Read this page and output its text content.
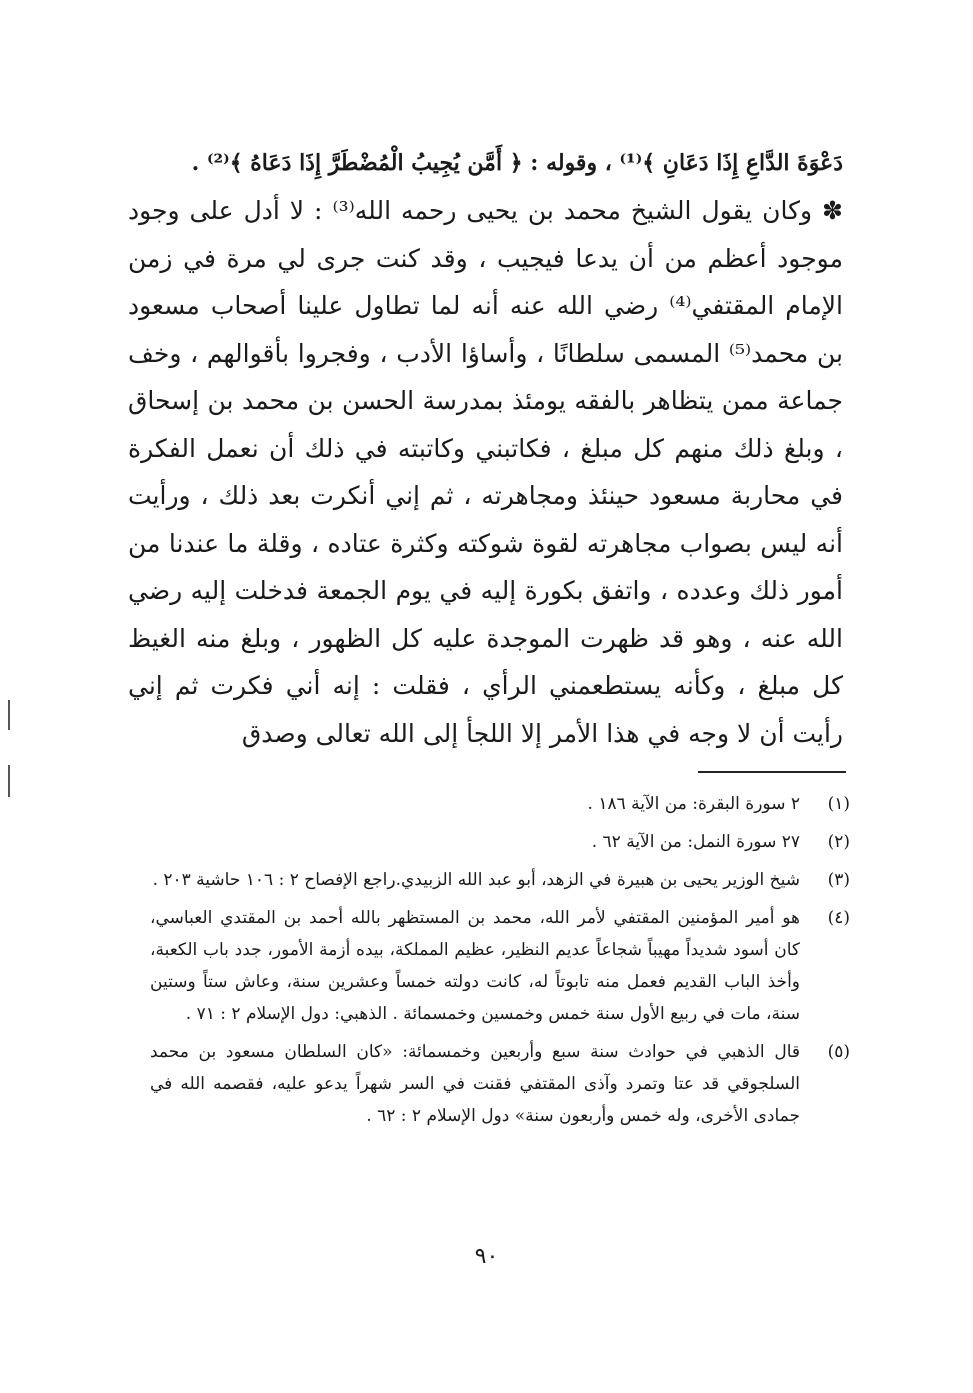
دَعْوَةَ الدَّاعِ إِذَا دَعَانِ ﴾⁽¹⁾ ، وقوله : ﴿ أَمَّن يُجِيبُ الْمُضْطَرَّ إِذَا دَعَاهُ ﴾⁽²⁾ .

✽ وكان يقول الشيخ محمد بن يحيى رحمه الله⁽³⁾ : لا أدل على وجود موجود أعظم من أن يدعا فيجيب ، وقد كنت جرى لي مرة في زمن الإمام المقتفي⁽⁴⁾ رضي الله عنه أنه لما تطاول علينا أصحاب مسعود بن محمد⁽⁵⁾ المسمى سلطانًا ، وأساؤا الأدب ، وفجروا بأقوالهم ، وخف جماعة ممن يتظاهر بالفقه يومئذ بمدرسة الحسن بن محمد بن إسحاق ، وبلغ ذلك منهم كل مبلغ ، فكاتبني وكاتبته في ذلك أن نعمل الفكرة في محاربة مسعود حينئذ ومجاهرته ، ثم إني أنكرت بعد ذلك ، ورأيت أنه ليس بصواب مجاهرته لقوة شوكته وكثرة عتاده ، وقلة ما عندنا من أمور ذلك وعدده ، واتفق بكورة إليه في يوم الجمعة فدخلت إليه رضي الله عنه ، وهو قد ظهرت الموجدة عليه كل الظهور ، وبلغ منه الغيظ كل مبلغ ، وكأنه يستطعمني الرأي ، فقلت : إنه أني فكرت ثم إني رأيت أن لا وجه في هذا الأمر إلا اللجأ إلى الله تعالى وصدق

(١)
٢ سورة البقرة: من الآية ١٨٦ .
(٢)
٢٧ سورة النمل: من الآية ٦٢ .
(٣)
شيخ الوزير يحيى بن هبيرة في الزهد، أبو عبد الله الزبيدي.راجع الإفصاح ٢ : ١٠٦ حاشية ٢٠٣ .
(٤)
هو أمير المؤمنين المقتفي لأمر الله، محمد بن المستظهر بالله أحمد بن المقتدي العباسي، كان أسود شديداً مهيباً شجاعاً عديم النظير، عظيم المملكة، بيده أزمة الأمور، جدد باب الكعبة، وأخذ الباب القديم فعمل منه تابوتاً له، كانت دولته خمساً وعشرين سنة، وعاش ستاً وستين سنة، مات في ربيع الأول سنة خمس وخمسين وخمسمائة . الذهبي: دول الإسلام ٢ : ٧١ .
(٥)
قال الذهبي في حوادث سنة سبع وأربعين وخمسمائة: «كان السلطان مسعود بن محمد السلجوقي قد عتا وتمرد وآذى المقتفي فقنت في السر شهراً يدعو عليه، فقصمه الله في جمادى الأخرى، وله خمس وأربعون سنة» دول الإسلام ٢ : ٦٢ .
٩٠
